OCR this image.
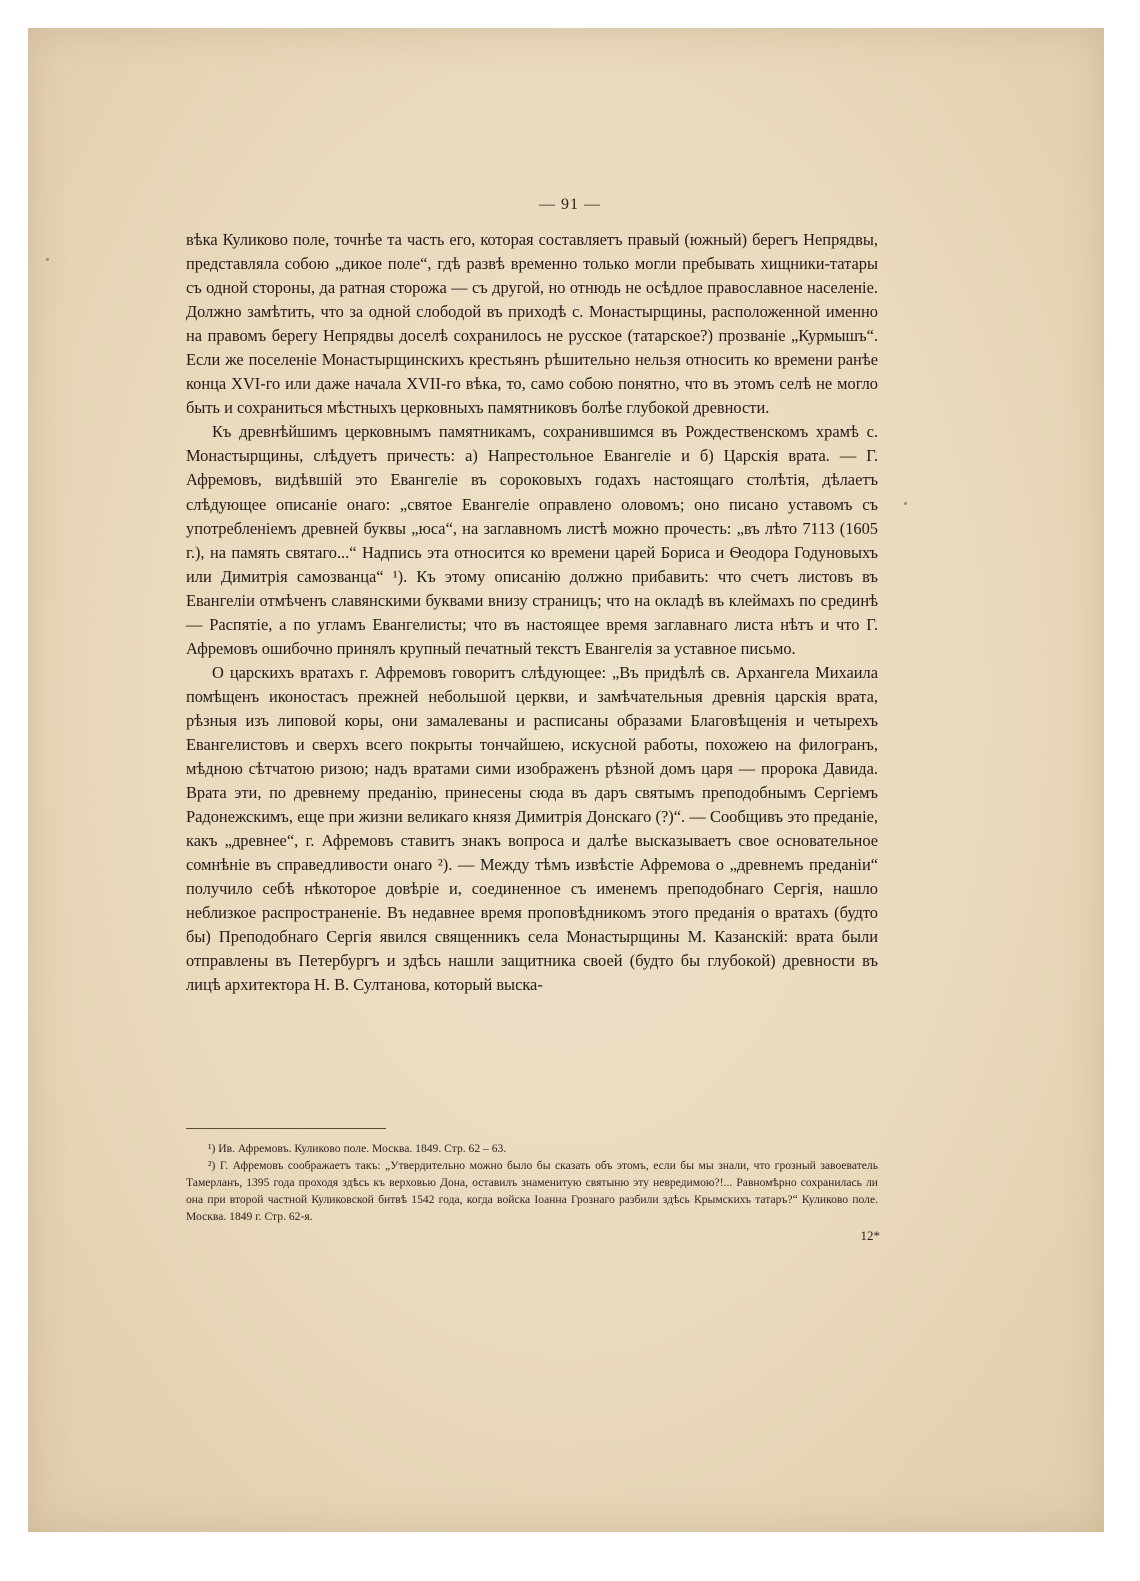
— 91 —

вѣка Куликово поле, точнѣе та часть его, которая составляетъ правый (южный) берегъ Непрядвы, представляла собою „дикое поле“, гдѣ развѣ временно только могли пребывать хищники-татары съ одной стороны, да ратная сторожа — съ другой, но отнюдь не осѣдлое православное населеніе. Должно замѣтить, что за одной слободой въ приходѣ с. Монастырщины, расположенной именно на правомъ берегу Непрядвы доселѣ сохранилось не русское (татарское?) прозваніе „Курмышъ“. Если же поселеніе Монастырщинскихъ крестьянъ рѣшительно нельзя относить ко времени ранѣе конца XVI-го или даже начала XVII-го вѣка, то, само собою понятно, что въ этомъ селѣ не могло быть и сохраниться мѣстныхъ церковныхъ памятниковъ болѣе глубокой древности.

Къ древнѣйшимъ церковнымъ памятникамъ, сохранившимся въ Рождественскомъ храмѣ с. Монастырщины, слѣдуетъ причесть: а) Напрестольное Евангеліе и б) Царскія врата. — Г. Афремовъ, видѣвшій это Евангеліе въ сороковыхъ годахъ настоящаго столѣтія, дѣлаетъ слѣдующее описаніе онаго: „святое Евангеліе оправлено оловомъ; оно писано уставомъ съ употребленіемъ древней буквы „юса“, на заглавномъ листѣ можно прочесть: „въ лѣто 7113 (1605 г.), на память святаго...“ Надпись эта относится ко времени царей Бориса и Ѳеодора Годуновыхъ или Димитрія самозванца“ ¹). Къ этому описанію должно прибавить: что счетъ листовъ въ Евангеліи отмѣченъ славянскими буквами внизу страницъ; что на окладѣ въ клеймахъ по срединѣ — Распятіе, а по угламъ Евангелисты; что въ настоящее время заглавнаго листа нѣтъ и что Г. Афремовъ ошибочно принялъ крупный печатный текстъ Евангелія за уставное письмо.

О царскихъ вратахъ г. Афремовъ говоритъ слѣдующее: „Въ придѣлѣ св. Архангела Михаила помѣщенъ иконостасъ прежней небольшой церкви, и замѣчательныя древнія царскія врата, рѣзныя изъ липовой коры, они замалеваны и расписаны образами Благовѣщенія и четырехъ Евангелистовъ и сверхъ всего покрыты тончайшею, искусной работы, похожею на филогранъ, мѣдною сѣтчатою ризою; надъ вратами сими изображенъ рѣзной домъ царя — пророка Давида. Врата эти, по древнему преданію, принесены сюда въ даръ святымъ преподобнымъ Сергіемъ Радонежскимъ, еще при жизни великаго князя Димитрія Донскаго (?)“. — Сообщивъ это преданіе, какъ „древнее“, г. Афремовъ ставитъ знакъ вопроса и далѣе высказываетъ свое основательное сомнѣніе въ справедливости онаго ²). — Между тѣмъ извѣстіе Афремова о „древнемъ преданіи“ получило себѣ нѣкоторое довѣріе и, соединенное съ именемъ преподобнаго Сергія, нашло неблизкое распространеніе. Въ недавнее время проповѣдникомъ этого преданія о вратахъ (будто бы) Преподобнаго Сергія явился священникъ села Монастырщины М. Казанскій: врата были отправлены въ Петербургъ и здѣсь нашли защитника своей (будто бы глубокой) древности въ лицѣ архитектора Н. В. Султанова, который выска-

¹) Ив. Афремовъ. Куликово поле. Москва. 1849. Стр. 62 – 63.

²) Г. Афремовъ соображаетъ такъ: „Утвердительно можно было бы сказать объ этомъ, если бы мы знали, что грозный завоеватель Тамерланъ, 1395 года проходя здѣсь къ верховью Дона, оставилъ знаменитую святыню эту невредимою?!... Равномѣрно сохранилась ли она при второй частной Куликовской битвѣ 1542 года, когда войска Іоанна Грознаго разбили здѣсь Крымскихъ татаръ?“ Куликово поле. Москва. 1849 г. Стр. 62-я.

12*
